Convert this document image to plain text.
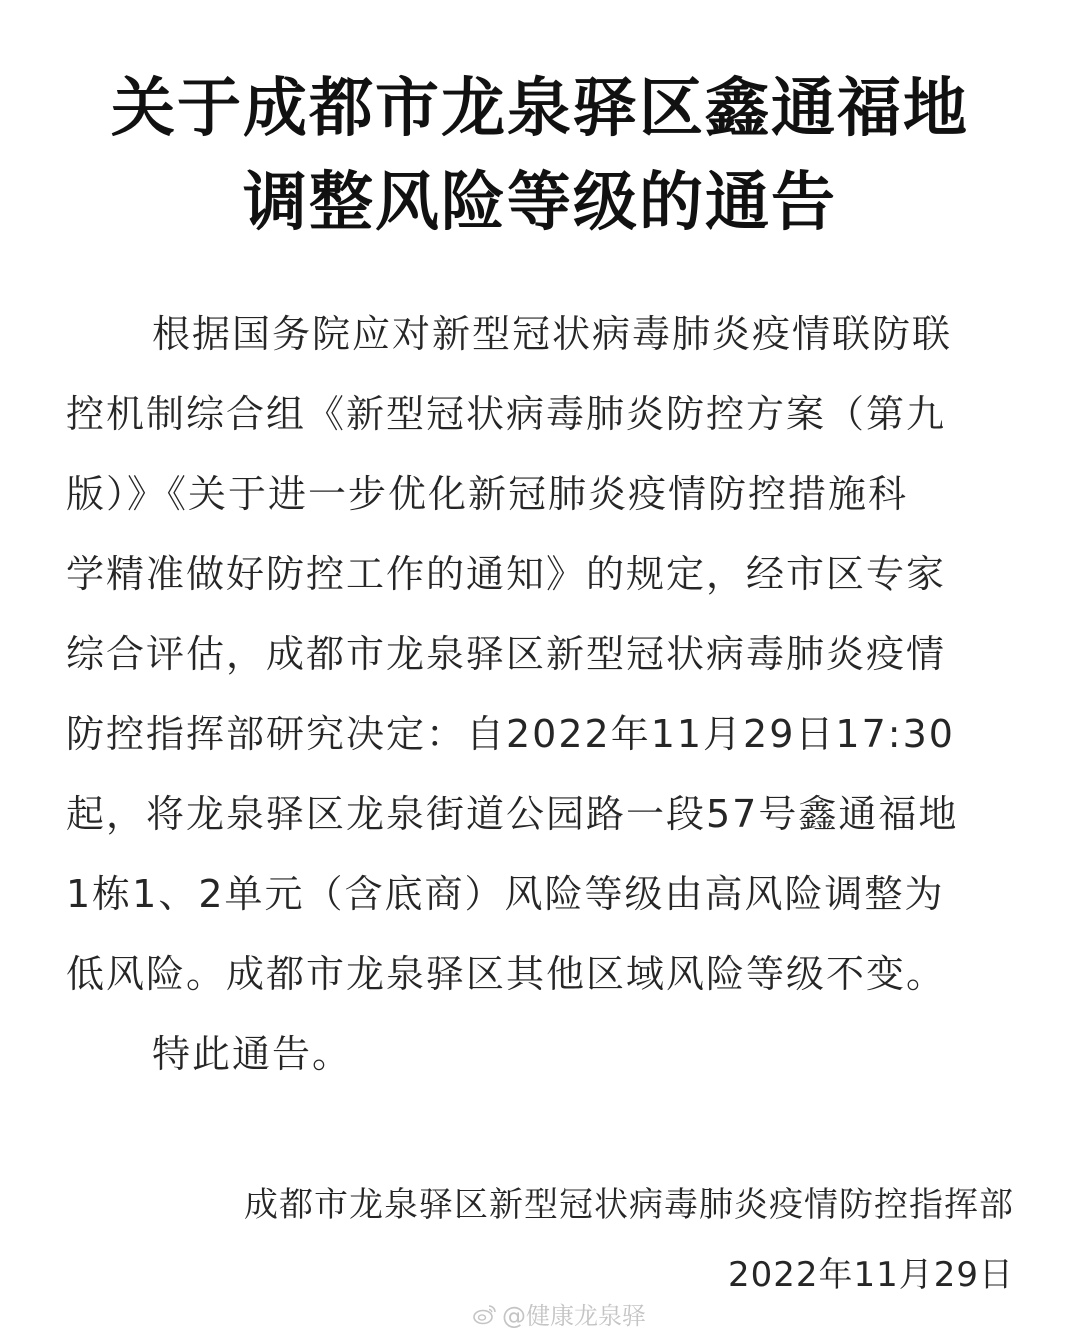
关于成都市龙泉驿区鑫通福地
调整风险等级的通告
根据国务院应对新型冠状病毒肺炎疫情联防联
控机制综合组《新型冠状病毒肺炎防控方案（第九
版）》《关于进一步优化新冠肺炎疫情防控措施科
学精准做好防控工作的通知》的规定，经市区专家
综合评估，成都市龙泉驿区新型冠状病毒肺炎疫情
防控指挥部研究决定：自2022年11月29日17:30
起，将龙泉驿区龙泉街道公园路一段57号鑫通福地
1栋1、2单元（含底商）风险等级由高风险调整为
低风险。成都市龙泉驿区其他区域风险等级不变。
特此通告。
成都市龙泉驿区新型冠状病毒肺炎疫情防控指挥部
2022年11月29日
@健康龙泉驿
